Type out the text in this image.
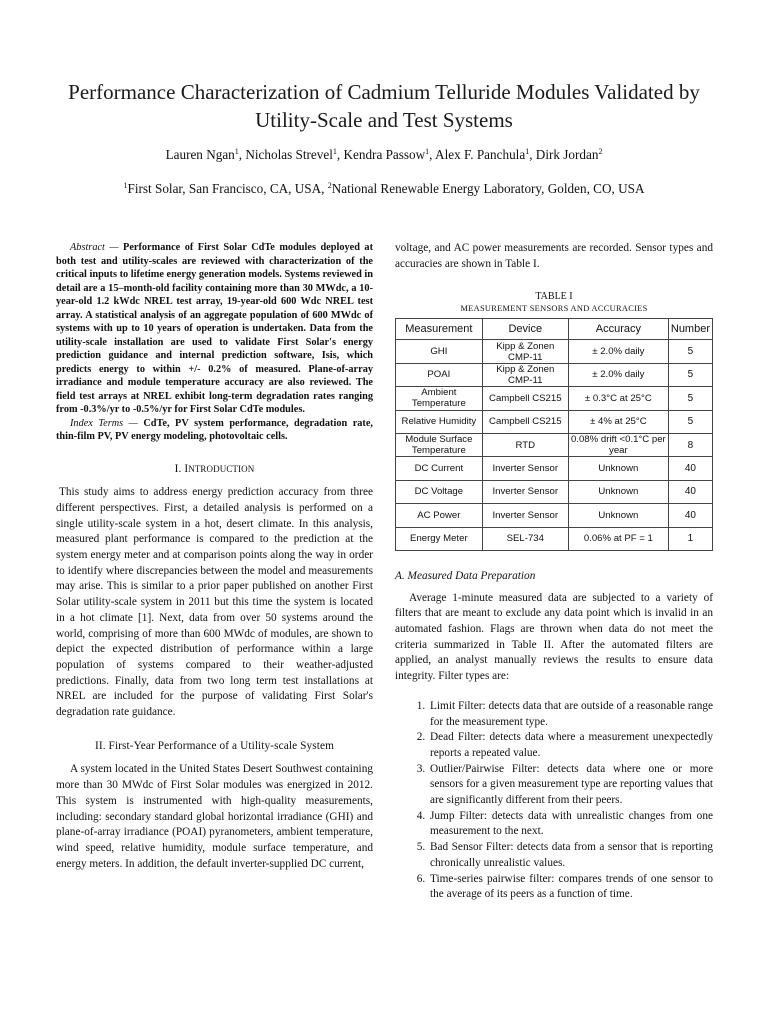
Performance Characterization of Cadmium Telluride Modules Validated by Utility-Scale and Test Systems
Lauren Ngan$^1$, Nicholas Strevel$^1$, Kendra Passow$^1$, Alex F. Panchula$^1$, Dirk Jordan$^2$
$^1$First Solar, San Francisco, CA, USA, $^2$National Renewable Energy Laboratory, Golden, CO, USA

Abstract — Performance of First Solar CdTe modules deployed at both test and utility-scales are reviewed with characterization of the critical inputs to lifetime energy generation models. Systems reviewed in detail are a 15–month-old facility containing more than 30 MWdc, a 10-year-old 1.2 kWdc NREL test array, 19-year-old 600 Wdc NREL test array. A statistical analysis of an aggregate population of 600 MWdc of systems with up to 10 years of operation is undertaken. Data from the utility-scale installation are used to validate First Solar's energy prediction guidance and internal prediction software, Isis, which predicts energy to within +/- 0.2% of measured. Plane-of-array irradiance and module temperature accuracy are also reviewed. The field test arrays at NREL exhibit long-term degradation rates ranging from -0.3%/yr to -0.5%/yr for First Solar CdTe modules.

Index Terms — CdTe, PV system performance, degradation rate, thin-film PV, PV energy modeling, photovoltaic cells.

I. INTRODUCTION

This study aims to address energy prediction accuracy from three different perspectives. First, a detailed analysis is performed on a single utility-scale system in a hot, desert climate. In this analysis, measured plant performance is compared to the prediction at the system energy meter and at comparison points along the way in order to identify where discrepancies between the model and measurements may arise. This is similar to a prior paper published on another First Solar utility-scale system in 2011 but this time the system is located in a hot climate [1]. Next, data from over 50 systems around the world, comprising of more than 600 MWdc of modules, are shown to depict the expected distribution of performance within a large population of systems compared to their weather-adjusted predictions. Finally, data from two long term test installations at NREL are included for the purpose of validating First Solar's degradation rate guidance.

II. First-Year Performance of a Utility-scale System

A system located in the United States Desert Southwest containing more than 30 MWdc of First Solar modules was energized in 2012. This system is instrumented with high-quality measurements, including: secondary standard global horizontal irradiance (GHI) and plane-of-array irradiance (POAI) pyranometers, ambient temperature, wind speed, relative humidity, module surface temperature, and energy meters. In addition, the default inverter-supplied DC current,

voltage, and AC power measurements are recorded. Sensor types and accuracies are shown in Table I.

TABLE I
MEASUREMENT SENSORS AND ACCURACIES
Measurement	Device	Accuracy	Number
GHI	Kipp & Zonen CMP-11	± 2.0% daily	5
POAI	Kipp & Zonen CMP-11	± 2.0% daily	5
Ambient Temperature	Campbell CS215	± 0.3°C at 25°C	5
Relative Humidity	Campbell CS215	± 4% at 25°C	5
Module Surface Temperature	RTD	0.08% drift <0.1°C per year	8
DC Current	Inverter Sensor	Unknown	40
DC Voltage	Inverter Sensor	Unknown	40
AC Power	Inverter Sensor	Unknown	40
Energy Meter	SEL-734	0.06% at PF = 1	1
A. Measured Data Preparation

Average 1-minute measured data are subjected to a variety of filters that are meant to exclude any data point which is invalid in an automated fashion. Flags are thrown when data do not meet the criteria summarized in Table II. After the automated filters are applied, an analyst manually reviews the results to ensure data integrity. Filter types are:

1. Limit Filter: detects data that are outside of a reasonable range for the measurement type.
2. Dead Filter: detects data where a measurement unexpectedly reports a repeated value.
3. Outlier/Pairwise Filter: detects data where one or more sensors for a given measurement type are reporting values that are significantly different from their peers.
4. Jump Filter: detects data with unrealistic changes from one measurement to the next.
5. Bad Sensor Filter: detects data from a sensor that is reporting chronically unrealistic values.
6. Time-series pairwise filter: compares trends of one sensor to the average of its peers as a function of time.
